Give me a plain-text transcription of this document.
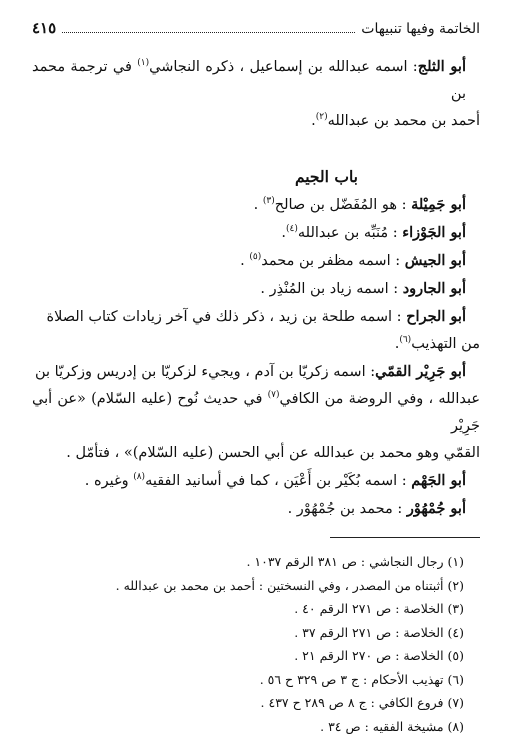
الخاتمة وفيها تنبيهات
٤١٥

أبو الثلج: اسمه عبدالله بن إسماعيل ، ذكره النجاشي$^{(١)}$ في ترجمة محمد بن

أحمد بن محمد بن عبدالله$^{(٢)}$.

باب الجيم

أبو جَمِيْلة : هو المُفَضّل بن صالح$^{(٣)}$ .

أبو الجَوْزاء : مُنَبِّه بن عبدالله$^{(٤)}$.

أبو الجيش : اسمه مظفر بن محمد$^{(٥)}$ .

أبو الجارود : اسمه زياد بن المُنْذِر .

أبو الجراح : اسمه طلحة بن زيد ، ذكر ذلك في آخر زيادات كتاب الصلاة

من التهذيب$^{(٦)}$.

أبو جَرِيْر القمّي: اسمه زكريّا بن آدم ، ويجيء لزكريّا بن إدريس وزكريّا بن

عبدالله ، وفي الروضة من الكافي$^{(٧)}$ في حديث نُوح (عليه السّلام) «عن أبي جَرِيْر

القمّي وهو محمد بن عبدالله عن أبي الحسن (عليه السّلام)» ، فتأمّل .

أبو الجَهْم : اسمه بُكَيْر بن أَعْيَن ، كما في أسانيد الفقيه$^{(٨)}$ وغيره .

أبو جُمْهُوْر : محمد بن جُمْهُوْر .

(١) رجال النجاشي : ص ٣٨١ الرقم ١٠٣٧ .
(٢) أثبتناه من المصدر ، وفي النسختين : أحمد بن محمد بن عبدالله .
(٣) الخلاصة : ص ٢٧١ الرقم ٤٠ .
(٤) الخلاصة : ص ٢٧١ الرقم ٣٧ .
(٥) الخلاصة : ص ٢٧٠ الرقم ٢١ .
(٦) تهذيب الأحكام : ج ٣ ص ٣٢٩ ح ٥٦ .
(٧) فروع الكافي : ج ٨ ص ٢٨٩ ح ٤٣٧ .
(٨) مشيخة الفقيه : ص ٣٤ .
